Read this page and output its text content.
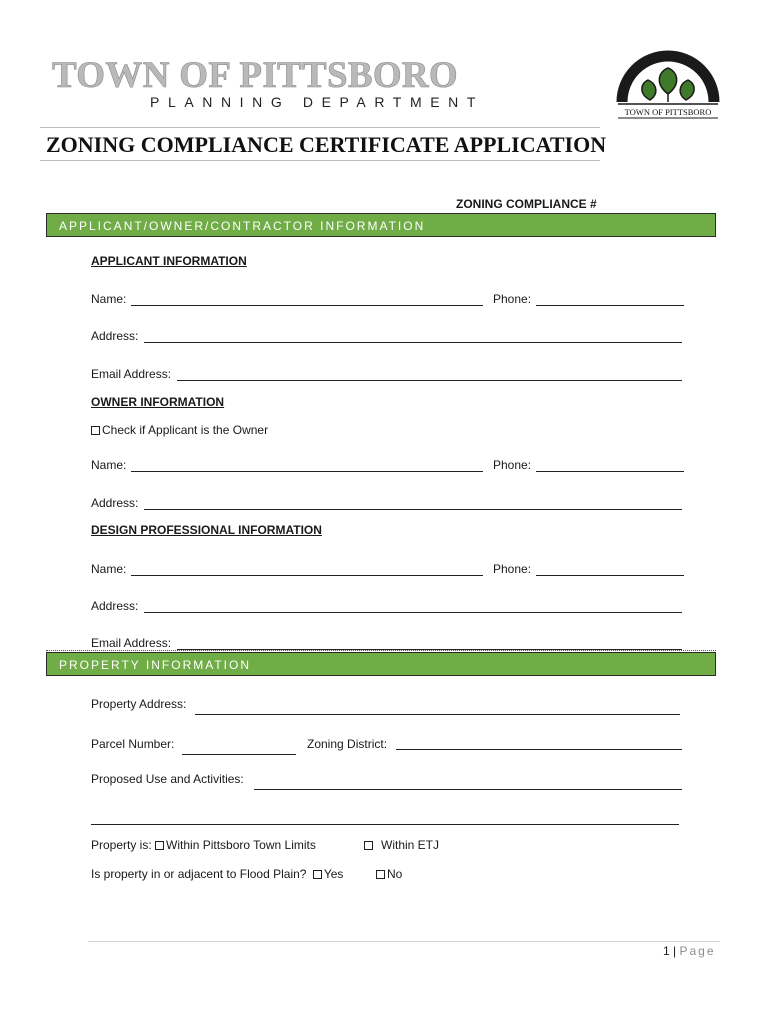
TOWN OF PITTSBORO
PLANNING DEPARTMENT
TOWN OF PITTSBORO
ZONING COMPLIANCE CERTIFICATE APPLICATION
ZONING COMPLIANCE #
APPLICANT/OWNER/CONTRACTOR INFORMATION
APPLICANT INFORMATION
Name:	Phone:
Address:
Email Address:
OWNER INFORMATION
Check if Applicant is the Owner
Name:	Phone:
Address:
DESIGN PROFESSIONAL INFORMATION
Name:	Phone:
Address:
Email Address:
PROPERTY INFORMATION
Property Address:
Parcel Number:	Zoning District:
Proposed Use and Activities:
Property is: Within Pittsboro Town Limits	Within ETJ
Is property in or adjacent to Flood Plain? Yes	No
1 | Page
